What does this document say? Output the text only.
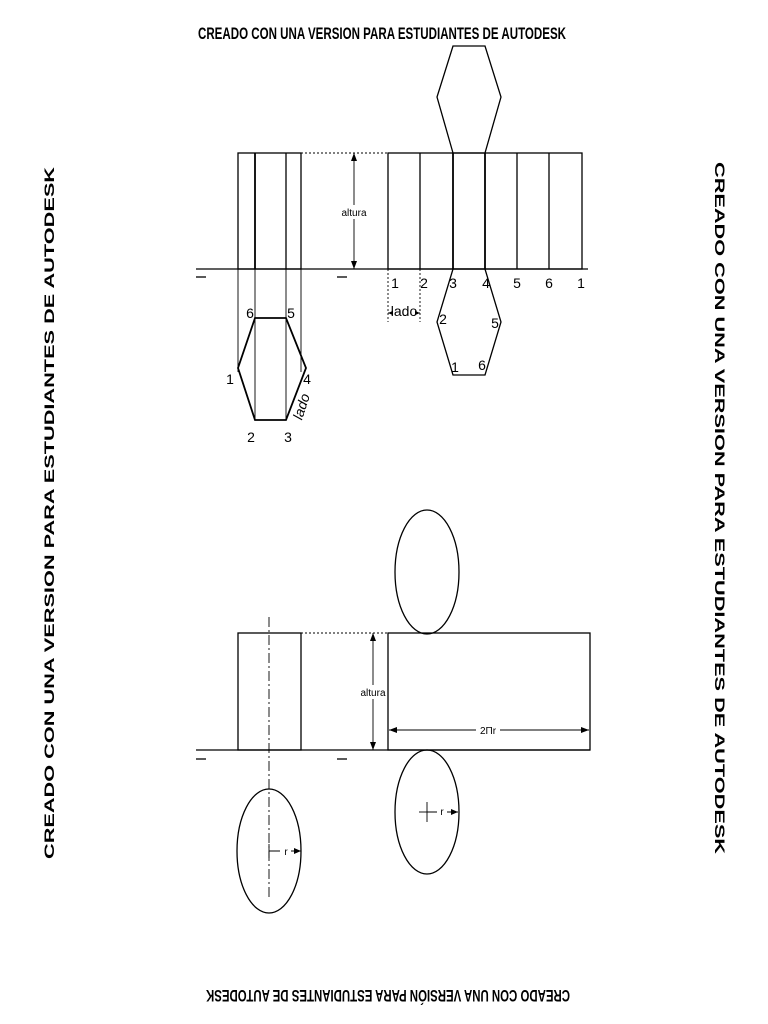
CREADO CON UNA VERSION PARA ESTUDIANTES DE AUTODESK
CREADO CON UNA VERSION PARA ESTUDIANTES DE AUTODESK
CREADO CON UNA VERSION PARA ESTUDIANTES DE AUTODESK
CREADO CON UNA VERSIÓN PARA ESTUDIANTES DE AUTODESK
altura
1 2 3 4 5 6 1
lado 2	5
1 6
6 5
1	4
2 3
lado
altura
2Πr
r
r
